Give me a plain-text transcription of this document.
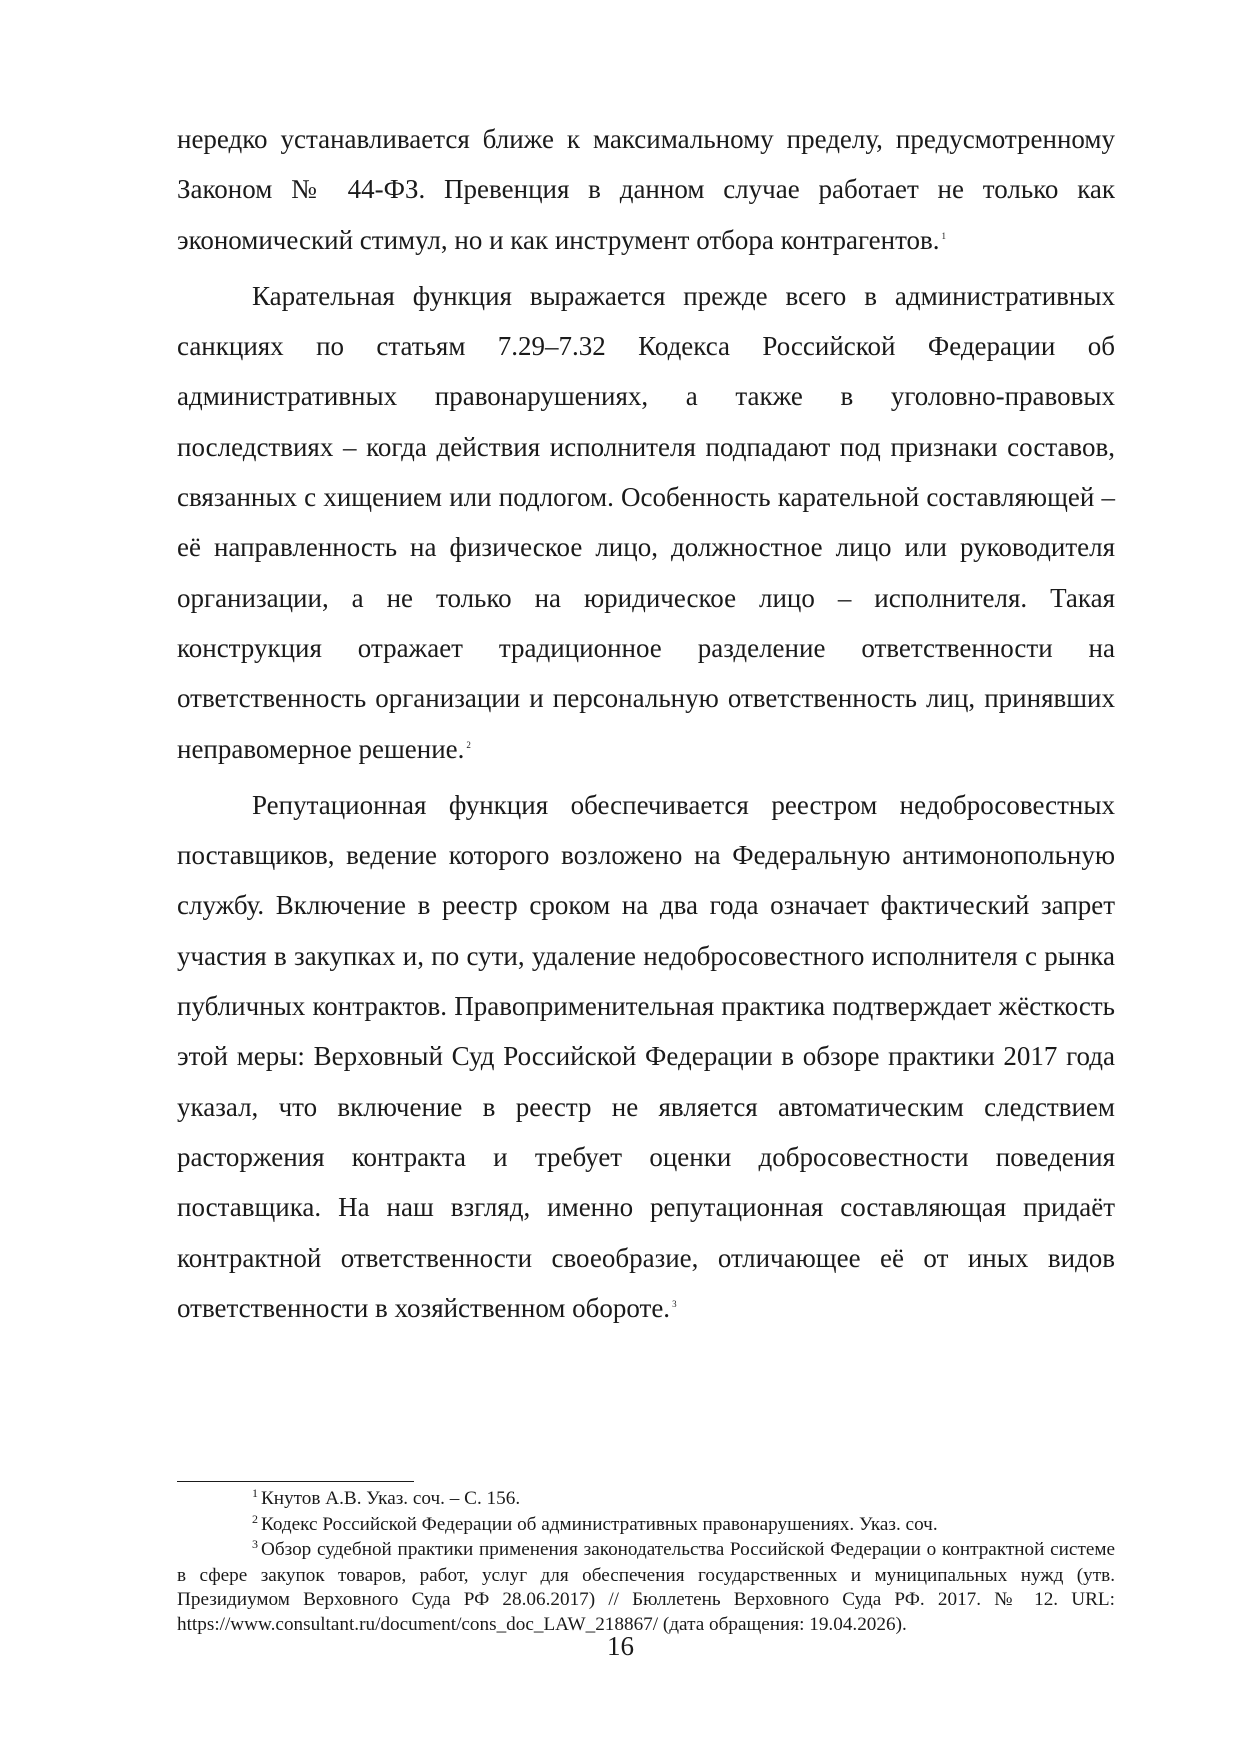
нередко устанавливается ближе к максимальному пределу, предусмотренному Законом № 44-ФЗ. Превенция в данном случае работает не только как экономический стимул, но и как инструмент отбора контрагентов. $^1$

Карательная функция выражается прежде всего в административных санкциях по статьям 7.29–7.32 Кодекса Российской Федерации об административных правонарушениях, а также в уголовно-правовых последствиях – когда действия исполнителя подпадают под признаки составов, связанных с хищением или подлогом. Особенность карательной составляющей – её направленность на физическое лицо, должностное лицо или руководителя организации, а не только на юридическое лицо – исполнителя. Такая конструкция отражает традиционное разделение ответственности на ответственность организации и персональную ответственность лиц, принявших неправомерное решение. $^2$

Репутационная функция обеспечивается реестром недобросовестных поставщиков, ведение которого возложено на Федеральную антимонопольную службу. Включение в реестр сроком на два года означает фактический запрет участия в закупках и, по сути, удаление недобросовестного исполнителя с рынка публичных контрактов. Правоприменительная практика подтверждает жёсткость этой меры: Верховный Суд Российской Федерации в обзоре практики 2017 года указал, что включение в реестр не является автоматическим следствием расторжения контракта и требует оценки добросовестности поведения поставщика. На наш взгляд, именно репутационная составляющая придаёт контрактной ответственности своеобразие, отличающее её от иных видов ответственности в хозяйственном обороте. $^3$

$^1$ Кнутов А.В. Указ. соч. – С. 156.

$^2$ Кодекс Российской Федерации об административных правонарушениях. Указ. соч.

$^3$ Обзор судебной практики применения законодательства Российской Федерации о контрактной системе в сфере закупок товаров, работ, услуг для обеспечения государственных и муниципальных нужд (утв. Президиумом Верховного Суда РФ 28.06.2017) // Бюллетень Верховного Суда РФ. 2017. № 12. URL: https://www.consultant.ru/document/cons_doc_LAW_218867/ (дата обращения: 19.04.2026).

16
